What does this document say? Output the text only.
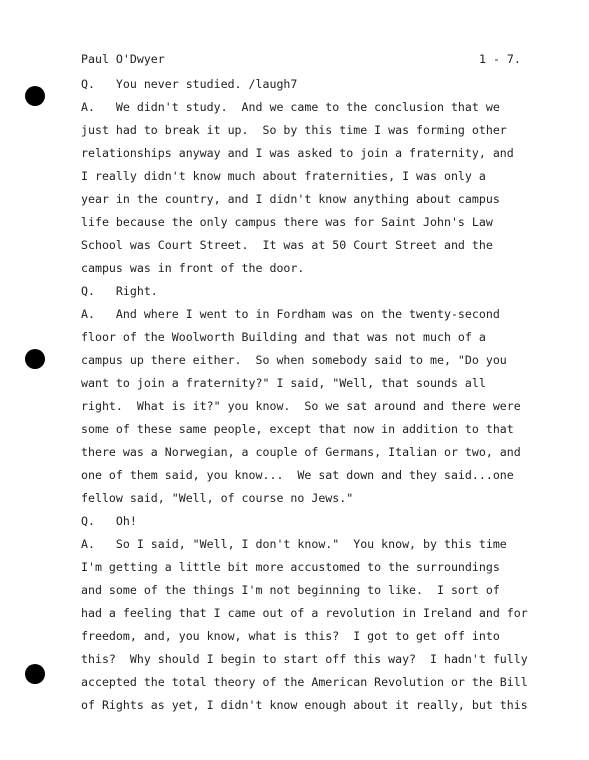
Paul O'Dwyer	1 - 7.
Q.   You never studied. /laugh7
A.   We didn't study.  And we came to the conclusion that we
just had to break it up.  So by this time I was forming other
relationships anyway and I was asked to join a fraternity, and
I really didn't know much about fraternities, I was only a
year in the country, and I didn't know anything about campus
life because the only campus there was for Saint John's Law
School was Court Street.  It was at 50 Court Street and the
campus was in front of the door.
Q.   Right.
A.   And where I went to in Fordham was on the twenty-second
floor of the Woolworth Building and that was not much of a
campus up there either.  So when somebody said to me, "Do you
want to join a fraternity?" I said, "Well, that sounds all
right.  What is it?" you know.  So we sat around and there were
some of these same people, except that now in addition to that
there was a Norwegian, a couple of Germans, Italian or two, and
one of them said, you know...  We sat down and they said...one
fellow said, "Well, of course no Jews."
Q.   Oh!
A.   So I said, "Well, I don't know."  You know, by this time
I'm getting a little bit more accustomed to the surroundings
and some of the things I'm not beginning to like.  I sort of
had a feeling that I came out of a revolution in Ireland and for
freedom, and, you know, what is this?  I got to get off into
this?  Why should I begin to start off this way?  I hadn't fully
accepted the total theory of the American Revolution or the Bill
of Rights as yet, I didn't know enough about it really, but this
